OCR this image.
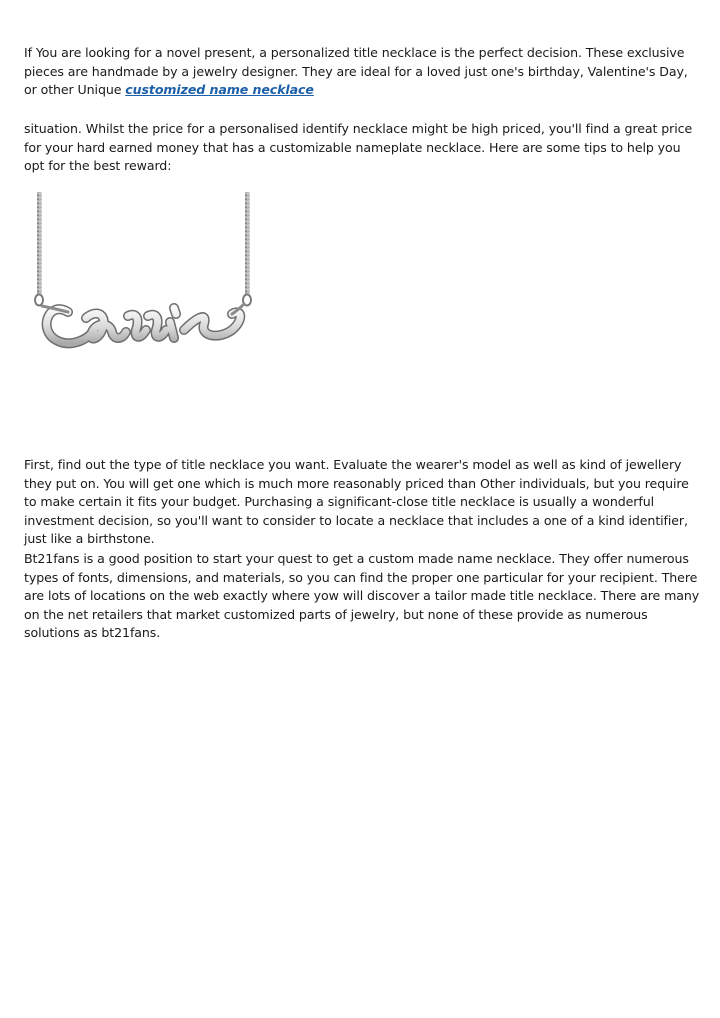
If You are looking for a novel present, a personalized title necklace is the perfect decision. These exclusive pieces are handmade by a jewelry designer. They are ideal for a loved just one's birthday, Valentine's Day, or other Unique customized name necklace

situation. Whilst the price for a personalised identify necklace might be high priced, you'll find a great price for your hard earned money that has a customizable nameplate necklace. Here are some tips to help you opt for the best reward:

First, find out the type of title necklace you want. Evaluate the wearer's model as well as kind of jewellery they put on. You will get one which is much more reasonably priced than Other individuals, but you require to make certain it fits your budget. Purchasing a significant-close title necklace is usually a wonderful investment decision, so you'll want to consider to locate a necklace that includes a one of a kind identifier, just like a birthstone.

Bt21fans is a good position to start your quest to get a custom made name necklace. They offer numerous types of fonts, dimensions, and materials, so you can find the proper one particular for your recipient. There are lots of locations on the web exactly where yow will discover a tailor made title necklace. There are many on the net retailers that market customized parts of jewelry, but none of these provide as numerous solutions as bt21fans.
